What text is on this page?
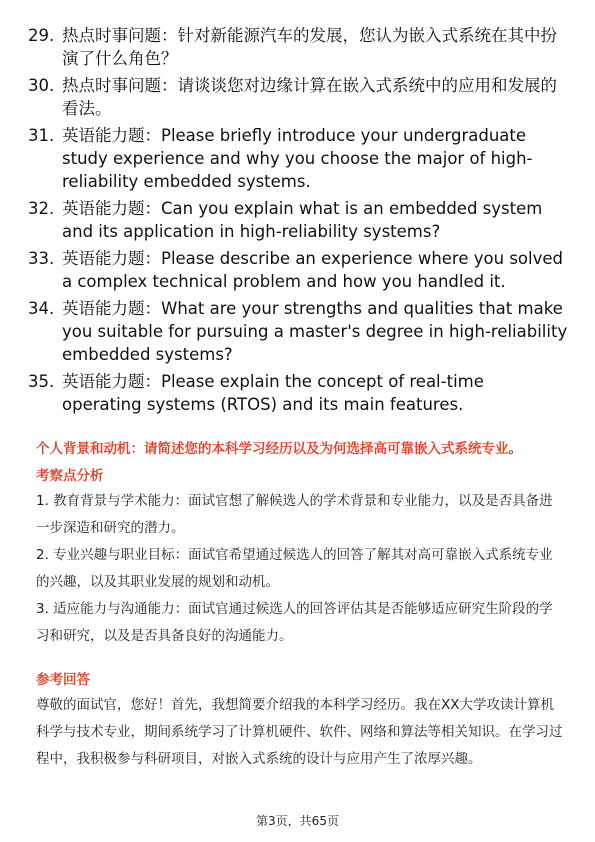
29. 热点时事问题：针对新能源汽车的发展，您认为嵌入式系统在其中扮演了什么角色？
30. 热点时事问题：请谈谈您对边缘计算在嵌入式系统中的应用和发展的看法。
31. 英语能力题：Please briefly introduce your undergraduate study experience and why you choose the major of high-reliability embedded systems.
32. 英语能力题：Can you explain what is an embedded system and its application in high-reliability systems?
33. 英语能力题：Please describe an experience where you solved a complex technical problem and how you handled it.
34. 英语能力题：What are your strengths and qualities that make you suitable for pursuing a master's degree in high-reliability embedded systems?
35. 英语能力题：Please explain the concept of real-time operating systems (RTOS) and its main features.
个人背景和动机：请简述您的本科学习经历以及为何选择高可靠嵌入式系统专业。
考察点分析
1. 教育背景与学术能力：面试官想了解候选人的学术背景和专业能力，以及是否具备进一步深造和研究的潜力。
2. 专业兴趣与职业目标：面试官希望通过候选人的回答了解其对高可靠嵌入式系统专业的兴趣，以及其职业发展的规划和动机。
3. 适应能力与沟通能力：面试官通过候选人的回答评估其是否能够适应研究生阶段的学习和研究，以及是否具备良好的沟通能力。
参考回答
尊敬的面试官，您好！首先，我想简要介绍我的本科学习经历。我在XX大学攻读计算机科学与技术专业，期间系统学习了计算机硬件、软件、网络和算法等相关知识。在学习过程中，我积极参与科研项目，对嵌入式系统的设计与应用产生了浓厚兴趣。
第3页，共65页
